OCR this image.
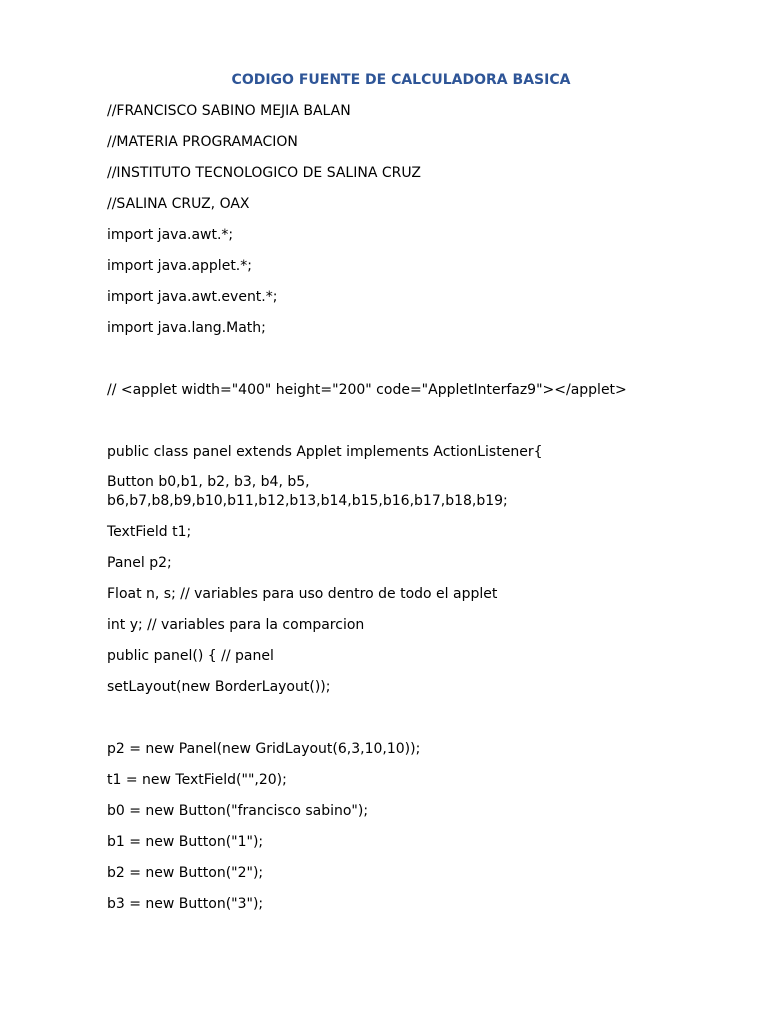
CODIGO FUENTE DE CALCULADORA BASICA
//FRANCISCO SABINO MEJIA BALAN
//MATERIA PROGRAMACION
//INSTITUTO TECNOLOGICO DE SALINA CRUZ
//SALINA CRUZ, OAX
import java.awt.*;
import java.applet.*;
import java.awt.event.*;
import java.lang.Math;
// <applet width="400" height="200" code="AppletInterfaz9"></applet>
public class panel extends Applet implements ActionListener{
Button b0,b1, b2, b3, b4, b5,
b6,b7,b8,b9,b10,b11,b12,b13,b14,b15,b16,b17,b18,b19;
TextField t1;
Panel p2;
Float n, s; // variables para uso dentro de todo el applet
int y; // variables para la comparcion
public panel() { // panel
setLayout(new BorderLayout());
p2 = new Panel(new GridLayout(6,3,10,10));
t1 = new TextField("",20);
b0 = new Button("francisco sabino");
b1 = new Button("1");
b2 = new Button("2");
b3 = new Button("3");
